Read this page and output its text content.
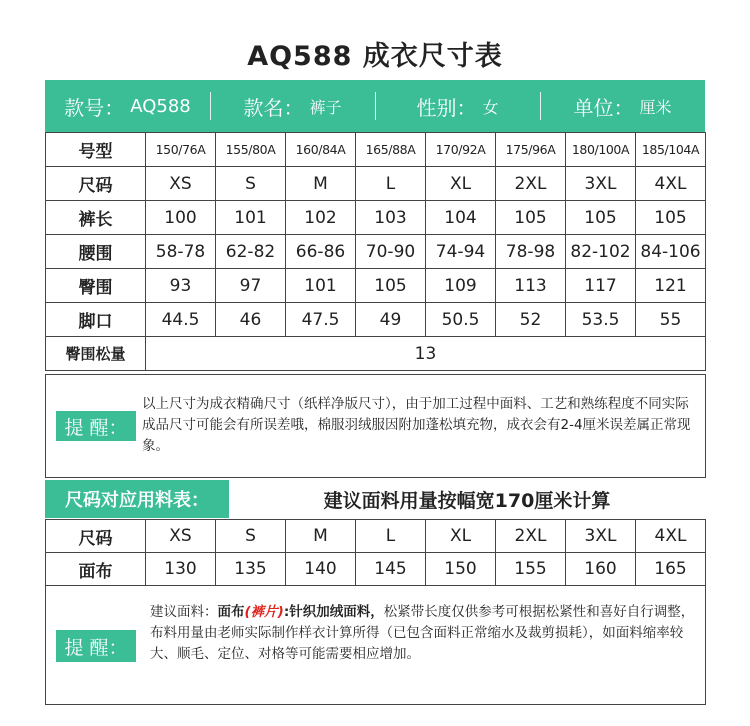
AQ588 成衣尺寸表
款号： AQ588	款名： 裤子	性别： 女	单位： 厘米
号型	150/76A	155/80A	160/84A	165/88A	170/92A	175/96A	180/100A	185/104A
尺码	XS	S	M	L	XL	2XL	3XL	4XL
裤长	100	101	102	103	104	105	105	105
腰围	58-78	62-82	66-86	70-90	74-94	78-98	82-102	84-106
臀围	93	97	101	105	109	113	117	121
脚口	44.5	46	47.5	49	50.5	52	53.5	55
臀围松量	13							
提 醒：
以上尺寸为成衣精确尺寸（纸样净版尺寸），由于加工过程中面料、工艺和熟练程度不同实际成品尺寸可能会有所误差哦，棉服羽绒服因附加蓬松填充物，成衣会有2-4厘米误差属正常现象。
尺码对应用料表：	建议面料用量按幅宽170厘米计算
尺码	XS	S	M	L	XL	2XL	3XL	4XL
面布	130	135	140	145	150	155	160	165
提 醒：
建议面料：面布(裤片):针织加绒面料，松紧带长度仅供参考可根据松紧性和喜好自行调整，布料用量由老师实际制作样衣计算所得（已包含面料正常缩水及裁剪损耗），如面料缩率较大、顺毛、定位、对格等可能需要相应增加。
